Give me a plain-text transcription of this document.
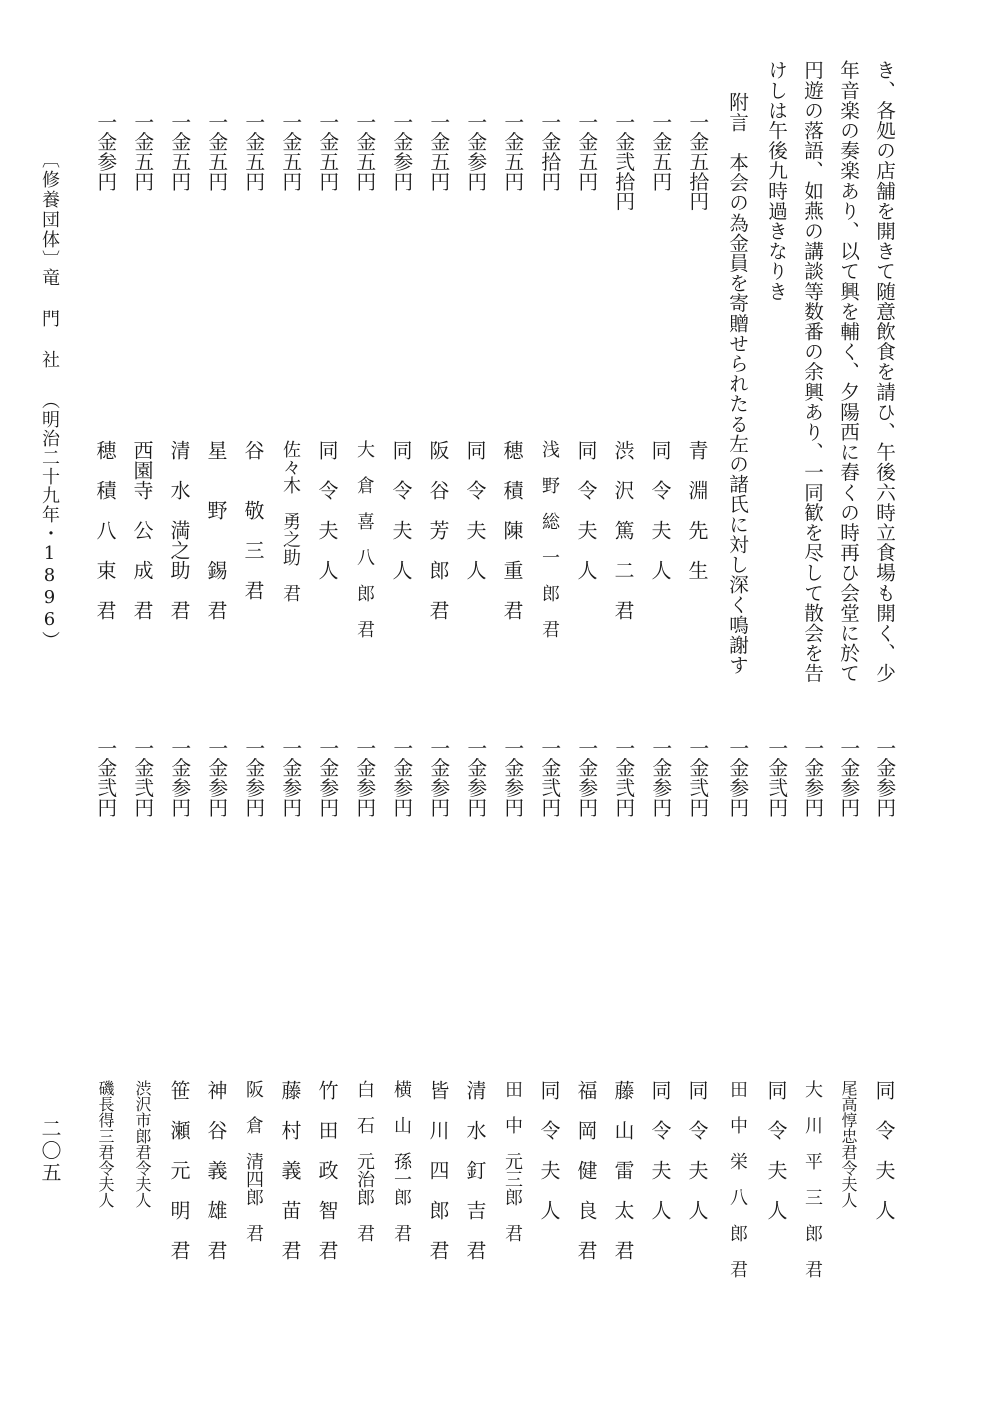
き、各処の店舗を開きて随意飲食を請ひ、午後六時立食場も開く、少
年音楽の奏楽あり、以て興を輔く、夕陽西に舂くの時再ひ会堂に於て
円遊の落語、如燕の講談等数番の余興あり、一同歓を尽して散会を告
けしは午後九時過きなりき
附言　本会の為金員を寄贈せられたる左の諸氏に対し深く鳴謝す
一金五拾円
一金五円
一金弐拾円
一金五円
一金拾円
一金五円
一金参円
一金五円
一金参円
一金五円
一金五円
一金五円
一金五円
一金五円
一金五円
一金五円
一金参円
青　淵　先　生
同　令　夫　人
渋　沢　篤　二　君
同　令　夫　人
浅　野　総　一　郎　君
穂　積　陳　重　君
同　令　夫　人
阪　谷　芳　郎　君
同　令　夫　人
大　倉　喜　八　郎　君
同　令　夫　人
佐々木　勇之助　君
谷　　敬　三　君
星　　野　　錫　君
清　水　満之助　君
西園寺　公　成　君
穂　積　八　束　君
一金参円
一金参円
一金参円
一金弐円
一金参円
一金弐円
一金参円
一金弐円
一金参円
一金弐円
一金参円
一金参円
一金参円
一金参円
一金参円
一金参円
一金参円
一金参円
一金参円
一金参円
一金弐円
一金弐円
同　令　夫　人
尾高惇忠君令夫人
大　川　平　三　郎　君
同　令　夫　人
田　中　栄　八　郎　君
同　令　夫　人
同　令　夫　人
藤　山　雷　太　君
福　岡　健　良　君
同　令　夫　人
田　中　元三郎　君
清　水　釘　吉　君
皆　川　四　郎　君
横　山　孫一郎　君
白　石　元治郎　君
竹　田　政　智　君
藤　村　義　苗　君
阪　倉　清四郎　君
神　谷　義　雄　君
笹　瀬　元　明　君
渋沢市郎君令夫人
磯長得三君令夫人
〔修養団体〕
竜 門 社 （明治二十九年・1896）
二〇五
